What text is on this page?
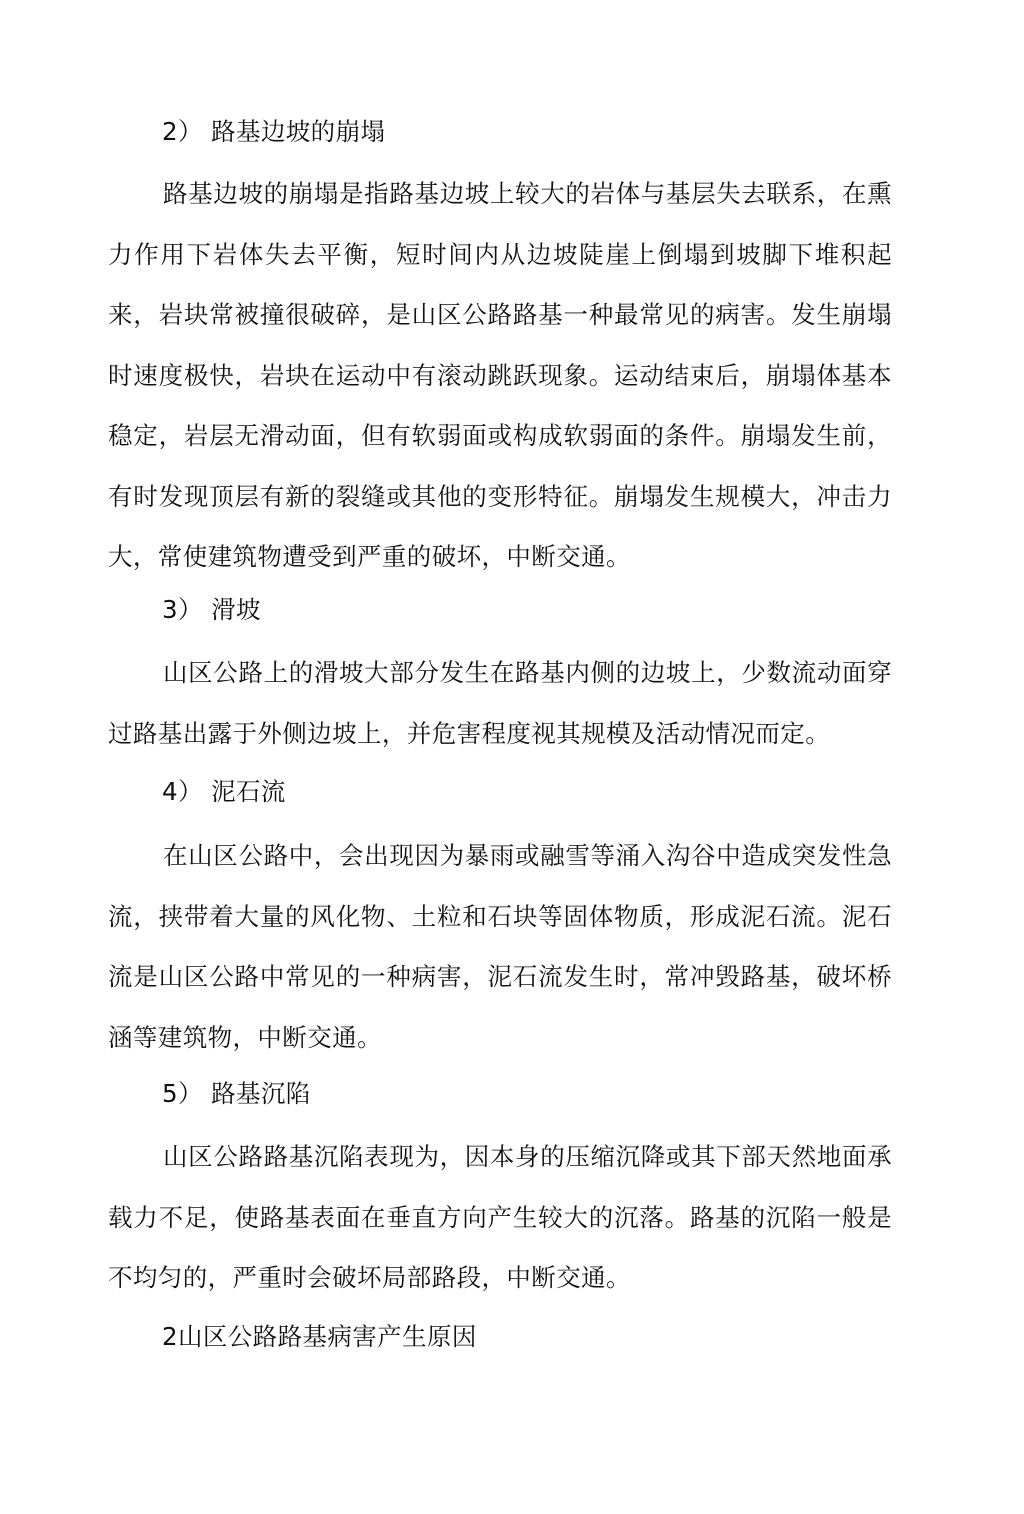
2） 路基边坡的崩塌

路基边坡的崩塌是指路基边坡上较大的岩体与基层失去联系，在熏力作用下岩体失去平衡，短时间内从边坡陡崖上倒塌到坡脚下堆积起来，岩块常被撞很破碎，是山区公路路基一种最常见的病害。发生崩塌时速度极快，岩块在运动中有滚动跳跃现象。运动结束后，崩塌体基本稳定，岩层无滑动面，但有软弱面或构成软弱面的条件。崩塌发生前，有时发现顶层有新的裂缝或其他的变形特征。崩塌发生规模大，冲击力大，常使建筑物遭受到严重的破坏，中断交通。

3） 滑坡

山区公路上的滑坡大部分发生在路基内侧的边坡上，少数流动面穿过路基出露于外侧边坡上，并危害程度视其规模及活动情况而定。

4） 泥石流

在山区公路中，会出现因为暴雨或融雪等涌入沟谷中造成突发性急流，挟带着大量的风化物、土粒和石块等固体物质，形成泥石流。泥石流是山区公路中常见的一种病害，泥石流发生时，常冲毁路基，破坏桥涵等建筑物，中断交通。

5） 路基沉陷

山区公路路基沉陷表现为，因本身的压缩沉降或其下部天然地面承载力不足，使路基表面在垂直方向产生较大的沉落。路基的沉陷一般是不均匀的，严重时会破坏局部路段，中断交通。

2山区公路路基病害产生原因
